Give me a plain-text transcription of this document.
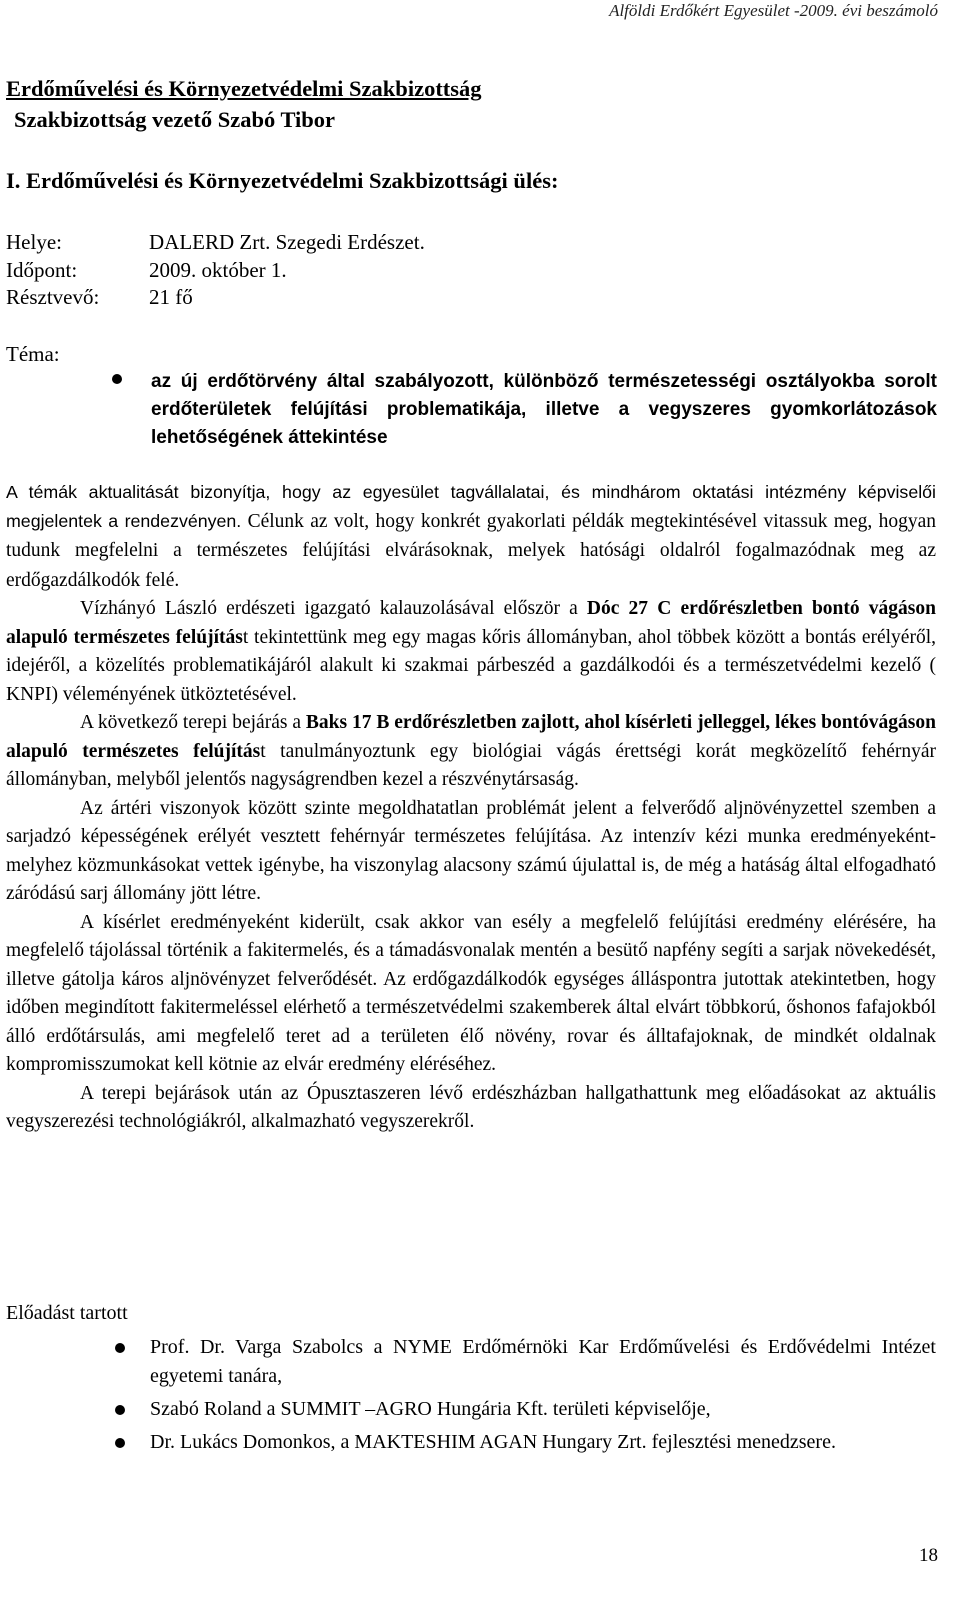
Alföldi Erdőkért Egyesület -2009. évi beszámoló
Erdőművelési és Környezetvédelmi Szakbizottság
Szakbizottság vezető Szabó Tibor
I. Erdőművelési és Környezetvédelmi Szakbizottsági ülés:
Helye:	DALERD Zrt. Szegedi Erdészet.
Időpont:	2009. október 1.
Résztvevő: 21 fő
Téma:
az új erdőtörvény által szabályozott, különböző természetességi osztályokba sorolt erdőterületek felújítási problematikája, illetve a vegyszeres gyomkorlátozások lehetőségének áttekintése

A témák aktualitását bizonyítja, hogy az egyesület tagvállalatai, és mindhárom oktatási intézmény képviselői megjelentek a rendezvényen. Célunk az volt, hogy konkrét gyakorlati példák megtekintésével vitassuk meg, hogyan tudunk megfelelni a természetes felújítási elvárásoknak, melyek hatósági oldalról fogalmazódnak meg az erdőgazdálkodók felé.

Vízhányó László erdészeti igazgató kalauzolásával először a Dóc 27 C erdőrészletben bontó vágáson alapuló természetes felújítást tekintettünk meg egy magas kőris állományban, ahol többek között a bontás erélyéről, idejéről, a közelítés problematikájáról alakult ki szakmai párbeszéd a gazdálkodói és a természetvédelmi kezelő ( KNPI) véleményének ütköztetésével.

A következő terepi bejárás a Baks 17 B erdőrészletben zajlott, ahol kísérleti jelleggel, lékes bontóvágáson alapuló természetes felújítást tanulmányoztunk egy biológiai vágás érettségi korát megközelítő fehérnyár állományban, melyből jelentős nagyságrendben kezel a részvénytársaság.

Az ártéri viszonyok között szinte megoldhatatlan problémát jelent a felverődő aljnövényzettel szemben a sarjadzó képességének erélyét vesztett fehérnyár természetes felújítása. Az intenzív kézi munka eredményeként-melyhez közmunkásokat vettek igénybe, ha viszonylag alacsony számú újulattal is, de még a hatáság által elfogadható záródású sarj állomány jött létre.

A kísérlet eredményeként kiderült, csak akkor van esély a megfelelő felújítási eredmény elérésére, ha megfelelő tájolással történik a fakitermelés, és a támadásvonalak mentén a besütő napfény segíti a sarjak növekedését, illetve gátolja káros aljnövényzet felverődését. Az erdőgazdálkodók egységes álláspontra jutottak atekintetben, hogy időben megindított fakitermeléssel elérhető a természetvédelmi szakemberek által elvárt többkorú, őshonos fafajokból álló erdőtársulás, ami megfelelő teret ad a területen élő növény, rovar és álltafajoknak, de mindkét oldalnak kompromisszumokat kell kötnie az elvár eredmény eléréséhez.

A terepi bejárások után az Ópusztaszeren lévő erdészházban hallgathattunk meg előadásokat az aktuális vegyszerezési technológiákról, alkalmazható vegyszerekről.

Előadást tartott
Prof. Dr. Varga Szabolcs a NYME Erdőmérnöki Kar Erdőművelési és Erdővédelmi Intézet egyetemi tanára,
Szabó Roland a SUMMIT –AGRO Hungária Kft. területi képviselője,
Dr. Lukács Domonkos, a MAKTESHIM AGAN Hungary Zrt. fejlesztési menedzsere.
18
